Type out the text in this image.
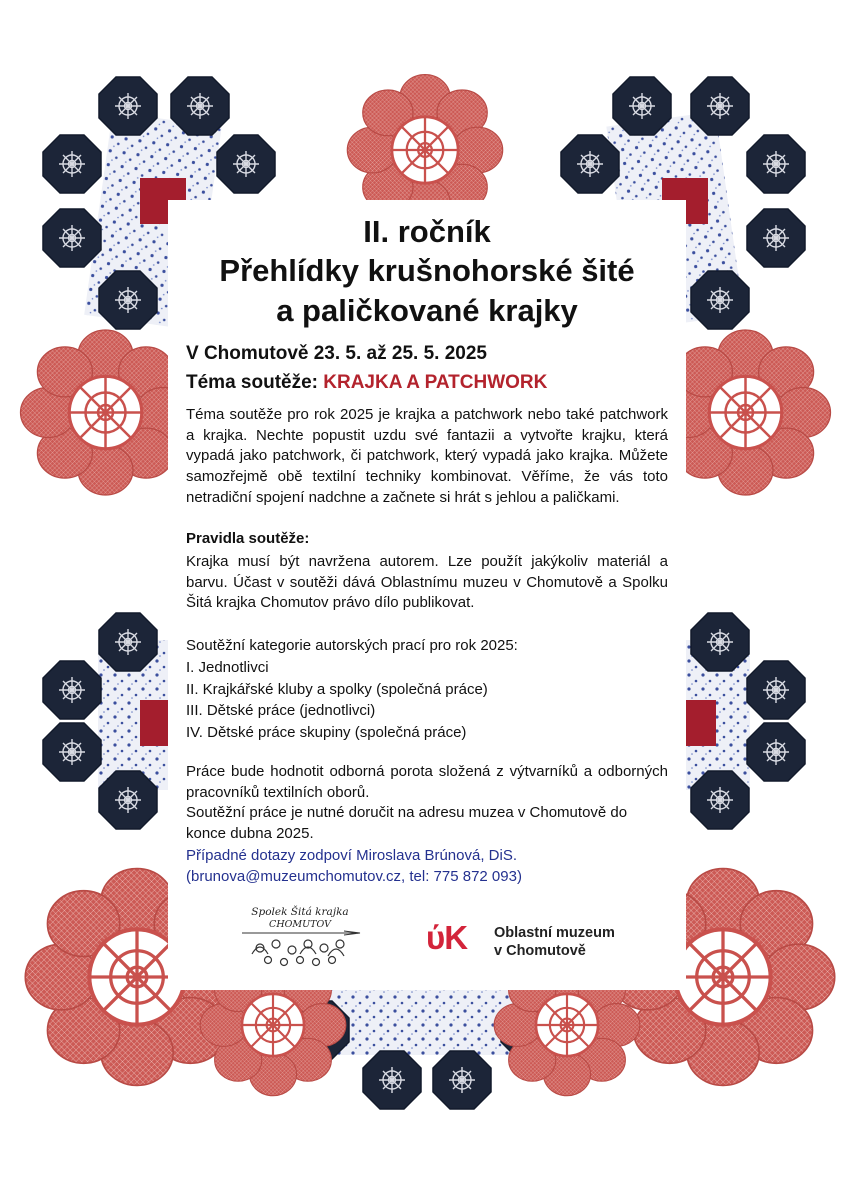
II. ročník
Přehlídky krušnohorské šité
a paličkované krajky

V Chomutově 23. 5. až 25. 5. 2025

Téma soutěže: KRAJKA A PATCHWORK

Téma soutěže pro rok 2025 je krajka a patchwork nebo také patchwork a krajka. Nechte popustit uzdu své fantazii a vytvořte krajku, která vypadá jako patchwork, či patchwork, který vypadá jako krajka. Můžete samozřejmě obě textilní techniky kombinovat. Věříme, že vás toto netradiční spojení nadchne a začnete si hrát s jehlou a paličkami.

Pravidla soutěže:

Krajka musí být navržena autorem. Lze použít jakýkoliv materiál a barvu. Účast v soutěži dává Oblastnímu muzeu v Chomutově a Spolku Šitá krajka Chomutov právo dílo publikovat.

Soutěžní kategorie autorských prací pro rok 2025:

I. Jednotlivci
II. Krajkářské kluby a spolky (společná práce)
III. Dětské práce (jednotlivci)
IV. Dětské práce skupiny (společná práce)

Práce bude hodnotit odborná porota složená z výtvarníků a odborných pracovníků textilních oborů.

Soutěžní práce je nutné doručit na adresu muzea v Chomutově do konce dubna 2025.

Případné dotazy zodpoví Miroslava Brúnová, DiS.
(brunova@muzeumchomutov.cz, tel: 775 872 093)
Spolek Šitá krajka
CHOMUTOV	ύK Oblastní muzeum
v Chomutově
